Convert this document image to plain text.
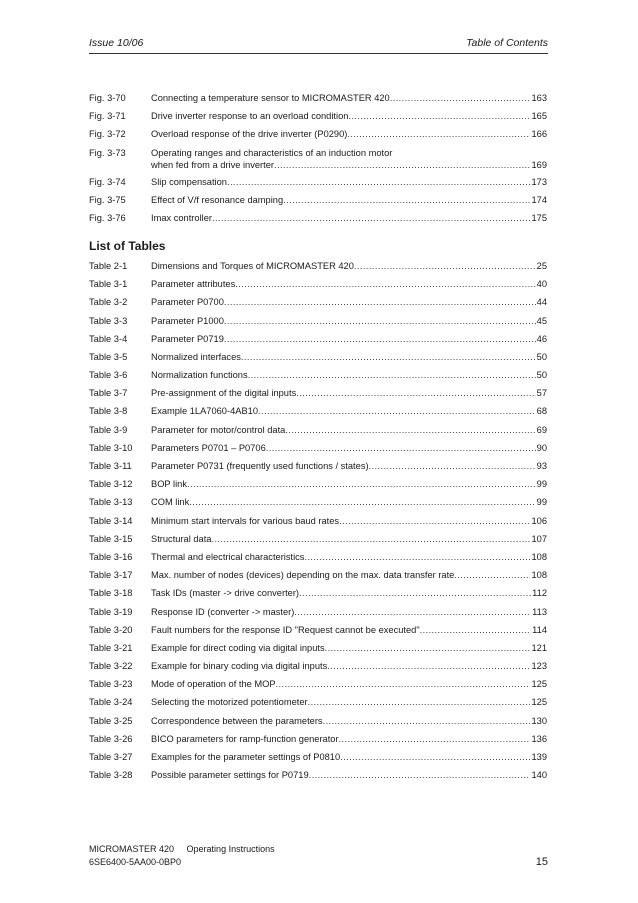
Issue 10/06	Table of Contents
Fig. 3-70	Connecting a temperature sensor to MICROMASTER 420 .....	163
Fig. 3-71	Drive inverter response to an overload condition .....	165
Fig. 3-72	Overload response of the drive inverter (P0290) .....	166
Fig. 3-73	Operating ranges and characteristics of an induction motor
when fed from a drive inverter .....	169
Fig. 3-74	Slip compensation .....	173
Fig. 3-75	Effect of V/f resonance damping .....	174
Fig. 3-76	Imax controller .....	175
List of Tables
Table 2-1	Dimensions and Torques of MICROMASTER 420 .....	25
Table 3-1	Parameter attributes .....	40
Table 3-2	Parameter P0700 .....	44
Table 3-3	Parameter P1000 .....	45
Table 3-4	Parameter P0719 .....	46
Table 3-5	Normalized interfaces .....	50
Table 3-6	Normalization functions .....	50
Table 3-7	Pre-assignment of the digital inputs .....	57
Table 3-8	Example 1LA7060-4AB10 .....	68
Table 3-9	Parameter for motor/control data .....	69
Table 3-10	Parameters P0701 – P0706 .....	90
Table 3-11	Parameter P0731 (frequently used functions / states) .....	93
Table 3-12	BOP link .....	99
Table 3-13	COM link .....	99
Table 3-14	Minimum start intervals for various baud rates .....	106
Table 3-15	Structural data .....	107
Table 3-16	Thermal and electrical characteristics .....	108
Table 3-17	Max. number of nodes (devices) depending on the max. data transfer rate .....	108
Table 3-18	Task IDs (master -> drive converter) .....	112
Table 3-19	Response ID (converter -> master) .....	113
Table 3-20	Fault numbers for the response ID "Request cannot be executed" .....	114
Table 3-21	Example for direct coding via digital inputs .....	121
Table 3-22	Example for binary coding via digital inputs .....	123
Table 3-23	Mode of operation of the MOP .....	125
Table 3-24	Selecting the motorized potentiometer .....	125
Table 3-25	Correspondence between the parameters .....	130
Table 3-26	BICO parameters for ramp-function generator .....	136
Table 3-27	Examples for the parameter settings of P0810 .....	139
Table 3-28	Possible parameter settings for P0719 .....	140
MICROMASTER 420 Operating Instructions
6SE6400-5AA00-0BP0	15
